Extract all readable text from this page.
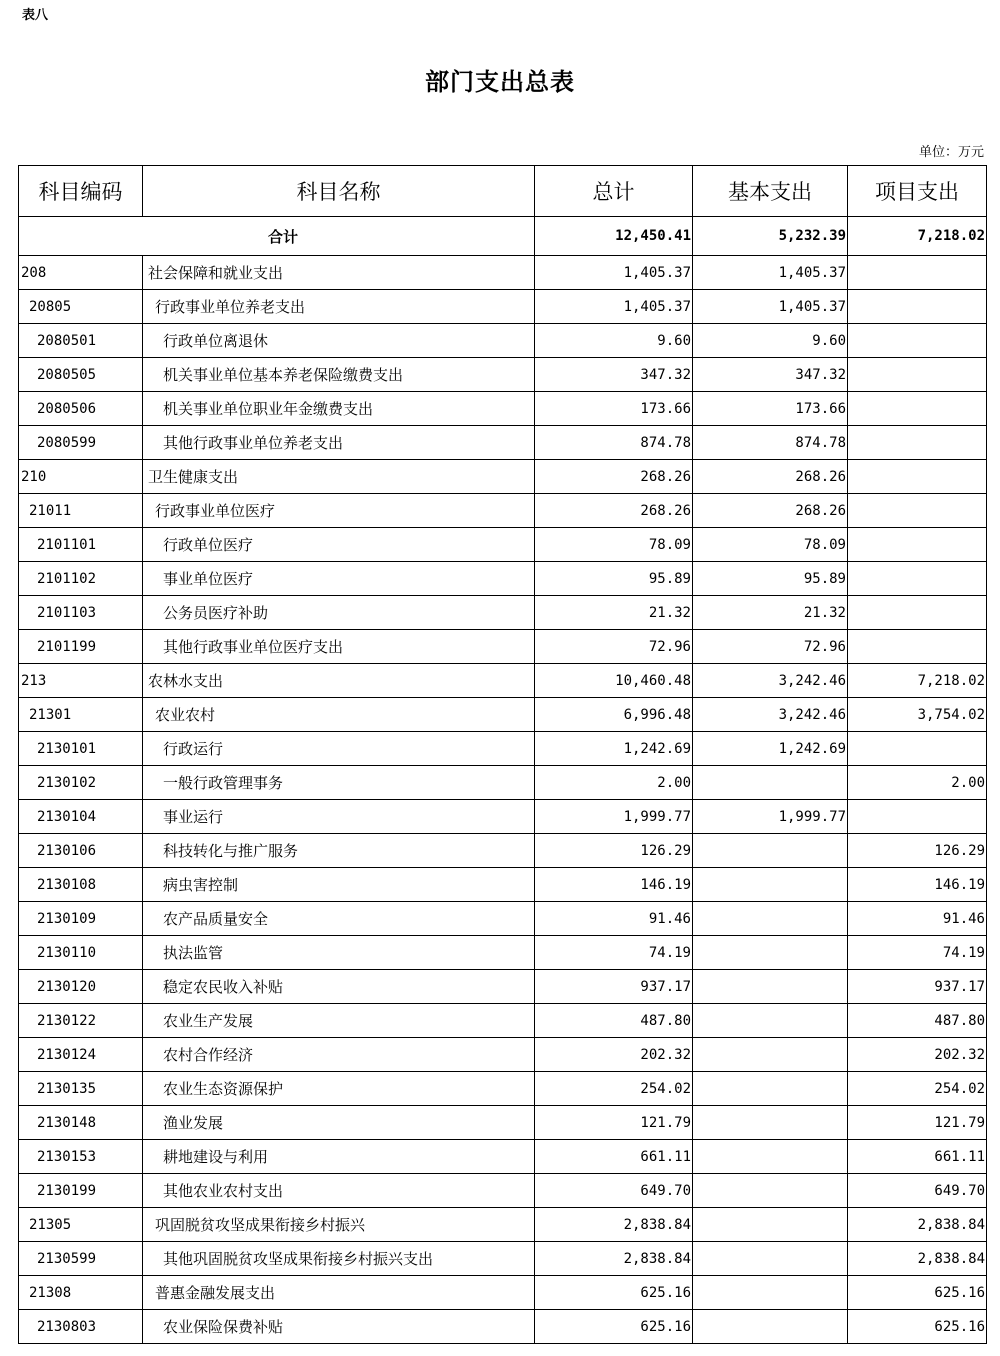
表八
部门支出总表
单位：万元
科目编码	科目名称	总计	基本支出	项目支出
合计		12,450.41	5,232.39	7,218.02
208	社会保障和就业支出	1,405.37	1,405.37	
20805	行政事业单位养老支出	1,405.37	1,405.37	
2080501	行政单位离退休	9.60	9.60	
2080505	机关事业单位基本养老保险缴费支出	347.32	347.32	
2080506	机关事业单位职业年金缴费支出	173.66	173.66	
2080599	其他行政事业单位养老支出	874.78	874.78	
210	卫生健康支出	268.26	268.26	
21011	行政事业单位医疗	268.26	268.26	
2101101	行政单位医疗	78.09	78.09	
2101102	事业单位医疗	95.89	95.89	
2101103	公务员医疗补助	21.32	21.32	
2101199	其他行政事业单位医疗支出	72.96	72.96	
213	农林水支出	10,460.48	3,242.46	7,218.02
21301	农业农村	6,996.48	3,242.46	3,754.02
2130101	行政运行	1,242.69	1,242.69	
2130102	一般行政管理事务	2.00		2.00
2130104	事业运行	1,999.77	1,999.77	
2130106	科技转化与推广服务	126.29		126.29
2130108	病虫害控制	146.19		146.19
2130109	农产品质量安全	91.46		91.46
2130110	执法监管	74.19		74.19
2130120	稳定农民收入补贴	937.17		937.17
2130122	农业生产发展	487.80		487.80
2130124	农村合作经济	202.32		202.32
2130135	农业生态资源保护	254.02		254.02
2130148	渔业发展	121.79		121.79
2130153	耕地建设与利用	661.11		661.11
2130199	其他农业农村支出	649.70		649.70
21305	巩固脱贫攻坚成果衔接乡村振兴	2,838.84		2,838.84
2130599	其他巩固脱贫攻坚成果衔接乡村振兴支出	2,838.84		2,838.84
21308	普惠金融发展支出	625.16		625.16
2130803	农业保险保费补贴	625.16		625.16
